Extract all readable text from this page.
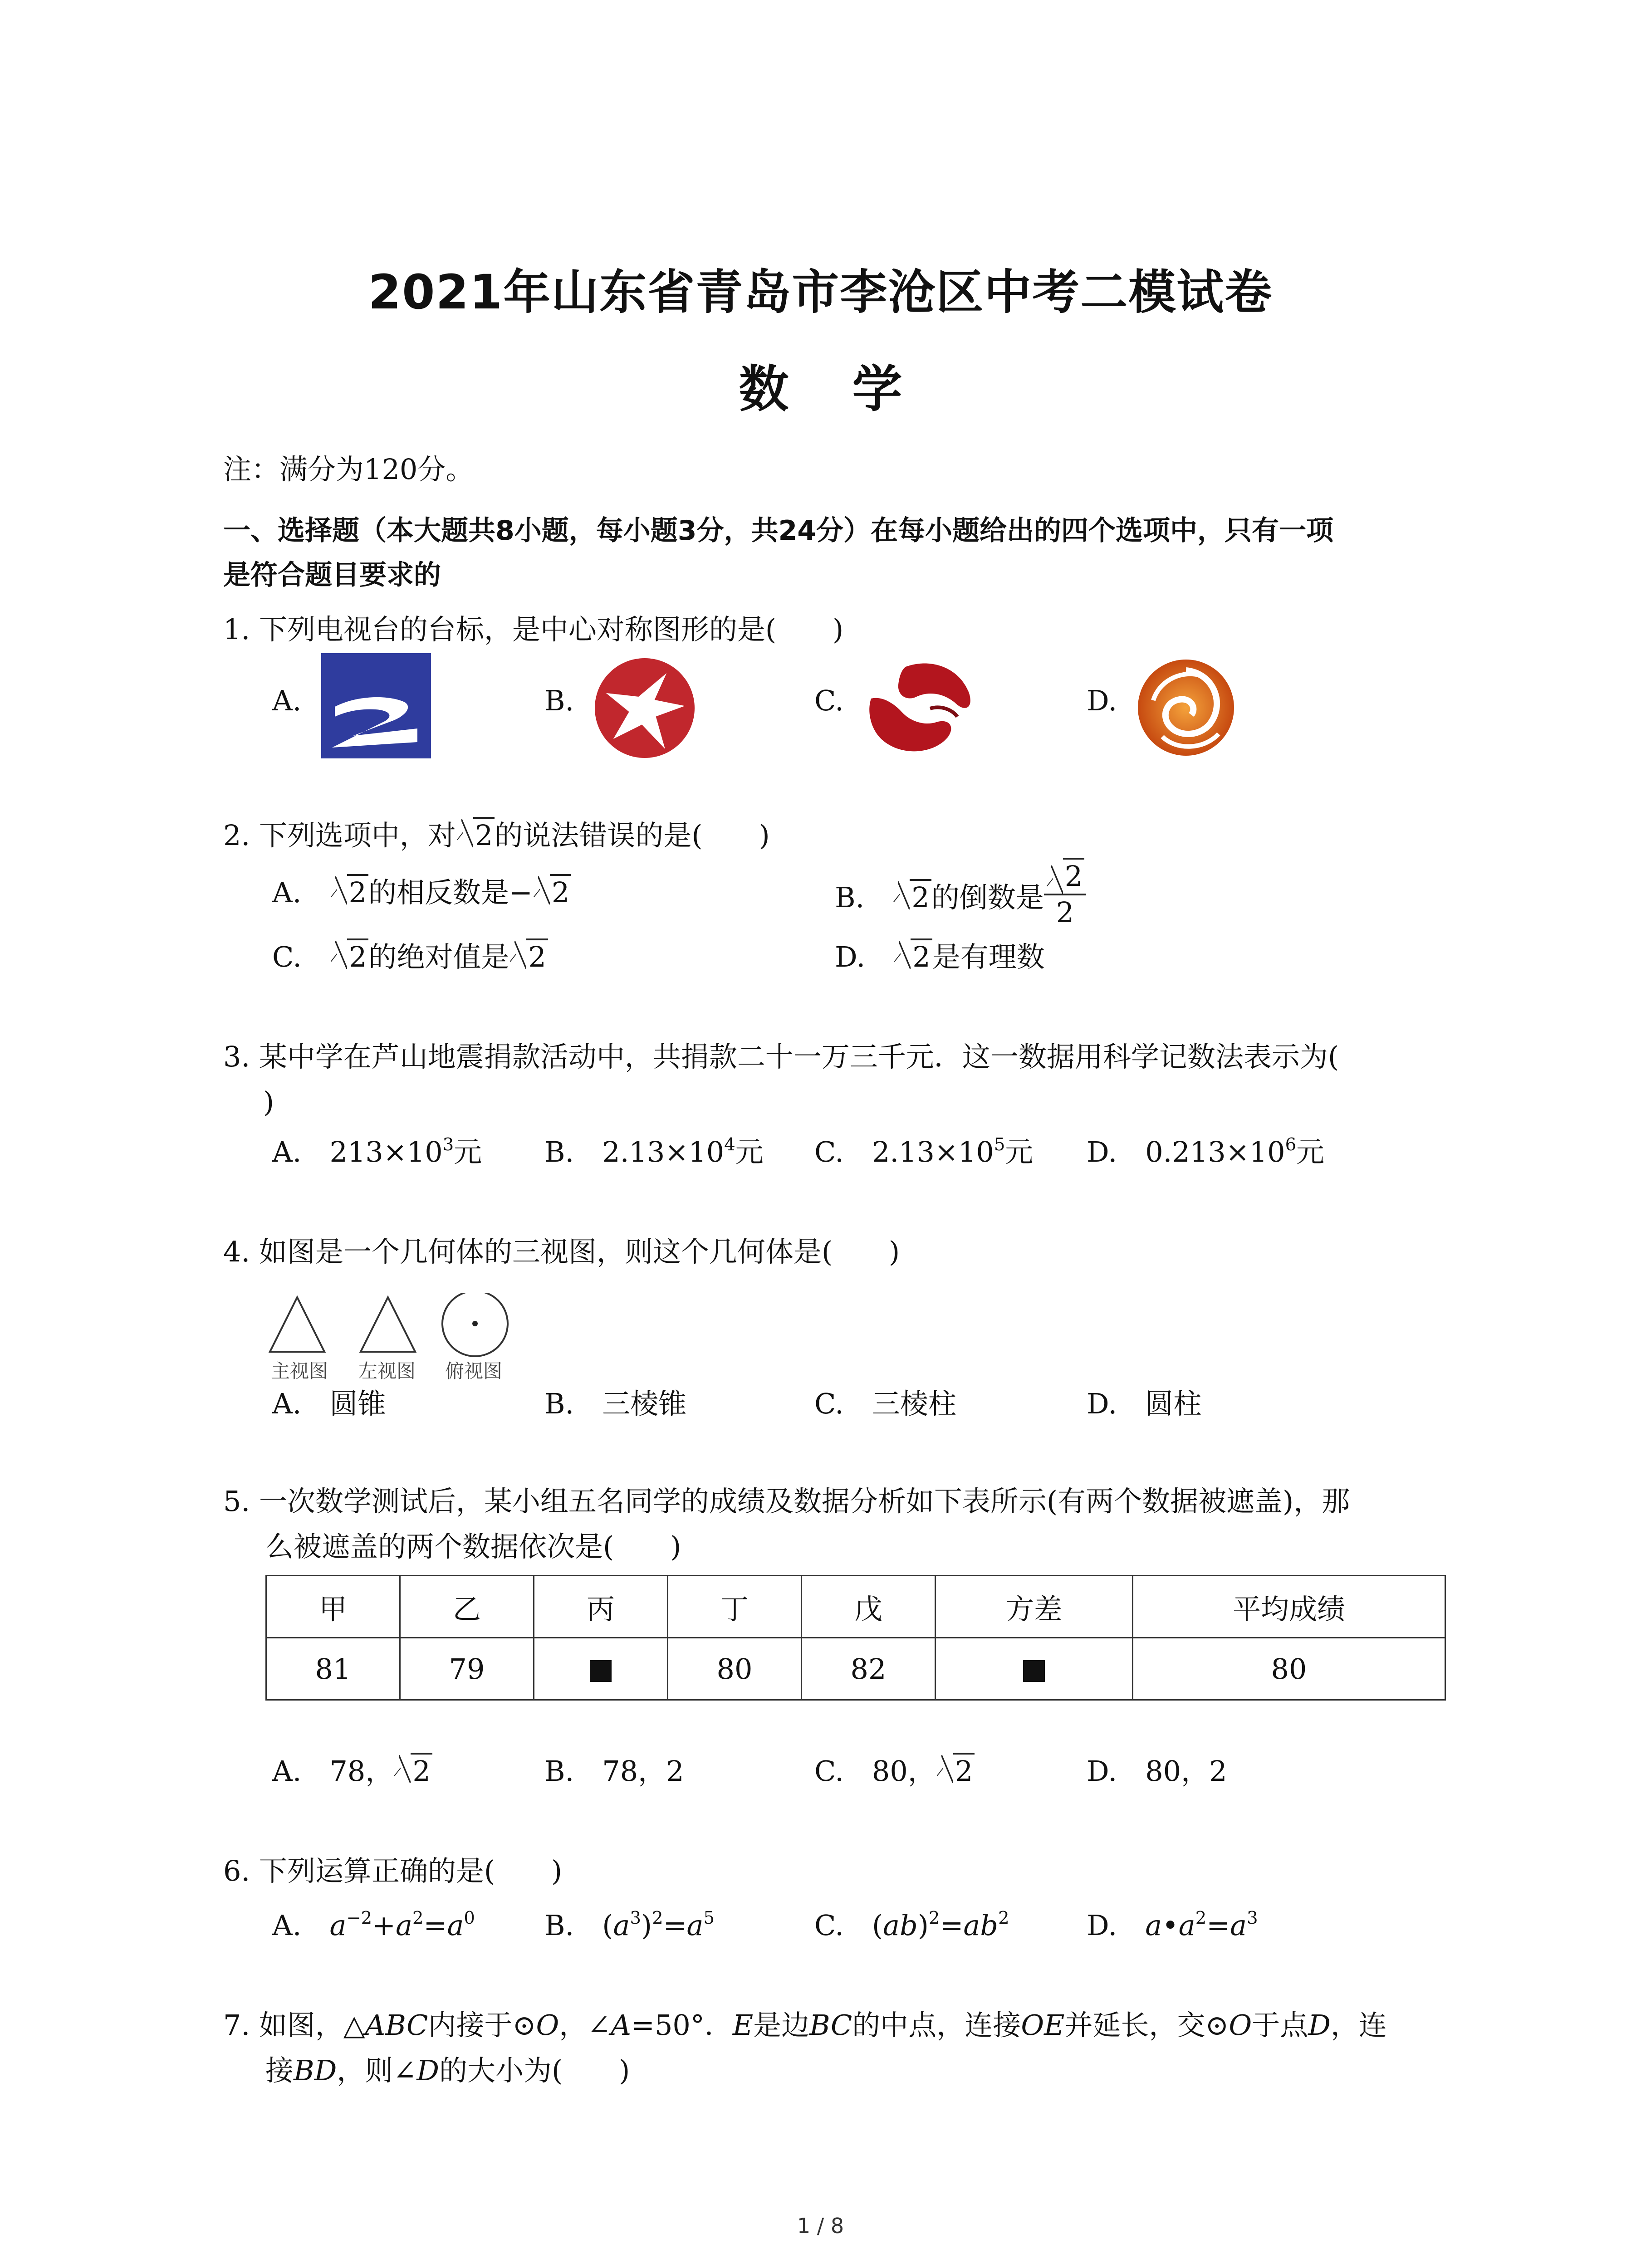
2021年山东省青岛市李沧区中考二模试卷
数学
注：满分为120分。
一、选择题（本大题共8小题，每小题3分，共24分）在每小题给出的四个选项中，只有一项
是符合题目要求的
1. 下列电视台的台标，是中心对称图形的是(　　)
A.	B.	C.	D.
2. 下列选项中，对 2的说法错误的是(　　)
A.　 2的相反数是− 2	B.　 2的倒数是 $\frac{2}{2}$
C.　 2的绝对值是 2	D.　 2是有理数
3. 某中学在芦山地震捐款活动中，共捐款二十一万三千元．这一数据用科学记数法表示为(
)
A.　 $213\times 10^3$元 B.　 $2.13\times 10^4$元 C.　 $2.13\times 10^5$元 D.　 $0.213\times 10^6$元
4. 如图是一个几何体的三视图，则这个几何体是(　　)
主视图 左视图 俯视图
A.　圆锥	B.　三棱锥	C.　三棱柱	D.　圆柱
5. 一次数学测试后，某小组五名同学的成绩及数据分析如下表所示(有两个数据被遮盖)，那
么被遮盖的两个数据依次是(　　)
甲	乙	丙	丁	戊	方差	平均成绩
81	79		80	82		80
A.　78， 2	B.　78，2	C.　80， 2	D.　80，2
6. 下列运算正确的是(　　)
A.　 $a^{-2}+a^2=a^0$ B.　$(a^3)^2=a^5$	C.　$(ab)^2=ab^2$	D.　 $a•a^2=a^3$
7. 如图，△ABC内接于⊙O，∠A=50°．E是边BC的中点，连接OE并延长，交⊙O于点D，连
接BD，则∠D的大小为(　　)
1 / 8
